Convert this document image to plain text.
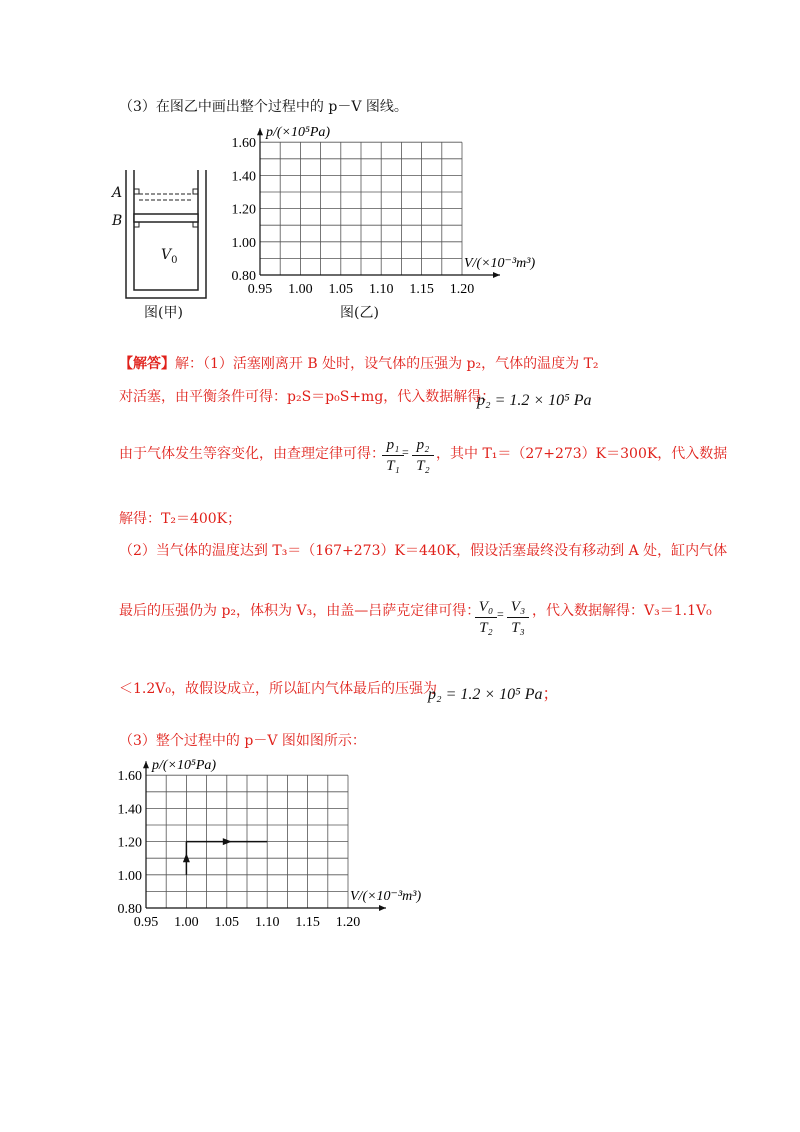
（3）在图乙中画出整个过程中的 p－V 图线。
A
B
$V_0$
图(甲)
p/(×10⁵Pa)
V/(×10⁻³m³)
1.60
1.40
1.20
1.00
0.80
0.95 1.00 1.05 1.10 1.15 1.20
图(乙)
【解答】解：（1）活塞刚离开 B 处时，设气体的压强为 p₂，气体的温度为 T₂
对活塞，由平衡条件可得：p₂S＝p₀S+mg，代入数据解得：
p₂ = 1.2 × 10⁵ Pa
由于气体发生等容变化，由查理定律可得：
p₁
T₁
= p₂
T₂
，其中 T₁＝（27+273）K＝300K，代入数据
解得：T₂＝400K；
（2）当气体的温度达到 T₃＝（167+273）K＝440K，假设活塞最终没有移动到 A 处，缸内气体
最后的压强仍为 p₂，体积为 V₃，由盖—吕萨克定律可得：
V₀
T₂
= V₃
T₃
，代入数据解得：V₃＝1.1V₀
＜1.2V₀，故假设成立，所以缸内气体最后的压强为
p₂ = 1.2 × 10⁵ Pa；
（3）整个过程中的 p－V 图如图所示：
p/(×10⁵Pa)
V/(×10⁻³m³)
1.60
1.40
1.20
1.00
0.80
0.95 1.00 1.05 1.10 1.15 1.20
